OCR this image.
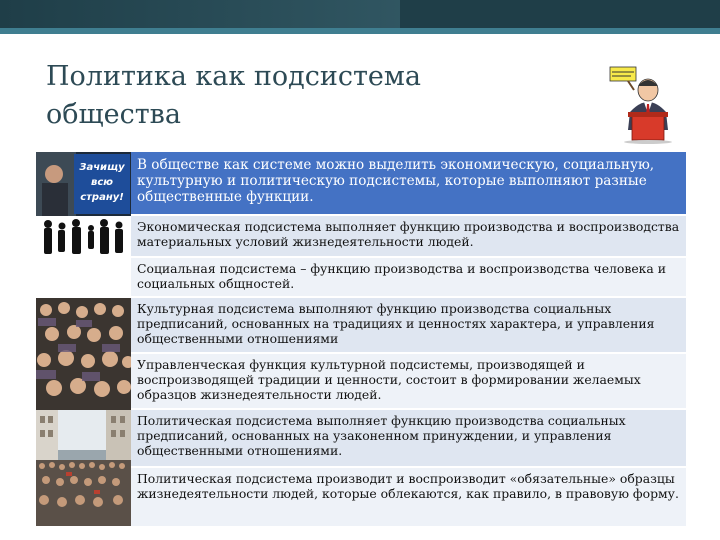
Политика как подсистема
общества
Зачищу
всю
страну!

В обществе как системе можно выделить экономическую, социальную, культурную и политическую подсистемы, которые выполняют разные общественные функции.

Экономическая подсистема выполняет функцию производства и воспроизводства материальных условий жизнедеятельности людей.

Социальная подсистема – функцию производства и воспроизводства человека и социальных общностей.

Культурная подсистема выполняют функцию производства социальных предписаний, основанных на традициях и ценностях характера, и управления общественными отношениями

Управленческая функция культурной подсистемы, производящей и воспроизводящей традиции и ценности, состоит в формировании желаемых образцов жизнедеятельности людей.

Политическая подсистема выполняет функцию производства социальных предписаний, основанных на узаконенном принуждении, и управления общественными отношениями.

Политическая подсистема производит и воспроизводит «обязательные» образцы жизнедеятельности людей, которые облекаются, как правило, в правовую форму.
